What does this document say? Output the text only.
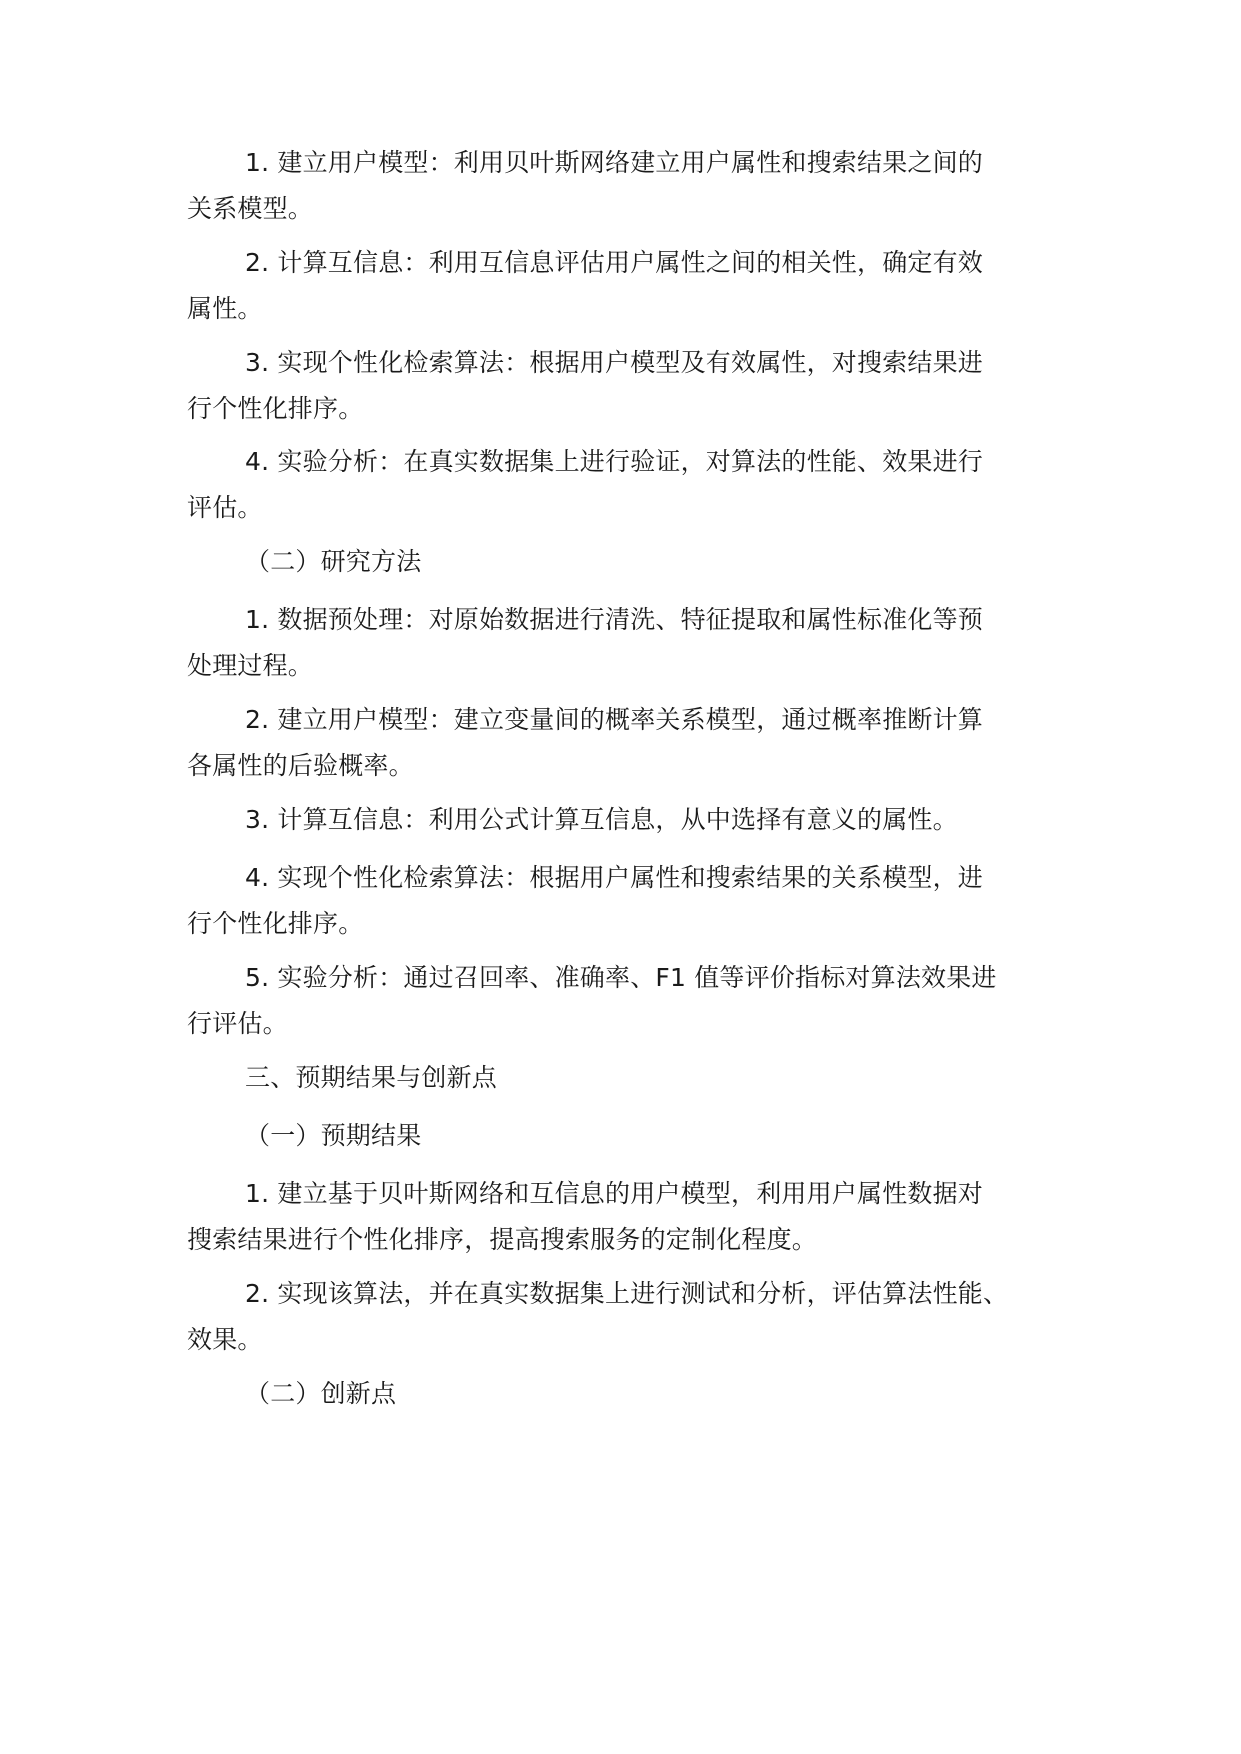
1. 建立用户模型：利用贝叶斯网络建立用户属性和搜索结果之间的
关系模型。

2. 计算互信息：利用互信息评估用户属性之间的相关性，确定有效
属性。

3. 实现个性化检索算法：根据用户模型及有效属性，对搜索结果进
行个性化排序。

4. 实验分析：在真实数据集上进行验证，对算法的性能、效果进行
评估。

（二）研究方法

1. 数据预处理：对原始数据进行清洗、特征提取和属性标准化等预
处理过程。

2. 建立用户模型：建立变量间的概率关系模型，通过概率推断计算
各属性的后验概率。

3. 计算互信息：利用公式计算互信息，从中选择有意义的属性。

4. 实现个性化检索算法：根据用户属性和搜索结果的关系模型，进
行个性化排序。

5. 实验分析：通过召回率、准确率、F1 值等评价指标对算法效果进
行评估。

三、预期结果与创新点

（一）预期结果

1. 建立基于贝叶斯网络和互信息的用户模型，利用用户属性数据对
搜索结果进行个性化排序，提高搜索服务的定制化程度。

2. 实现该算法，并在真实数据集上进行测试和分析，评估算法性能、
效果。

（二）创新点
